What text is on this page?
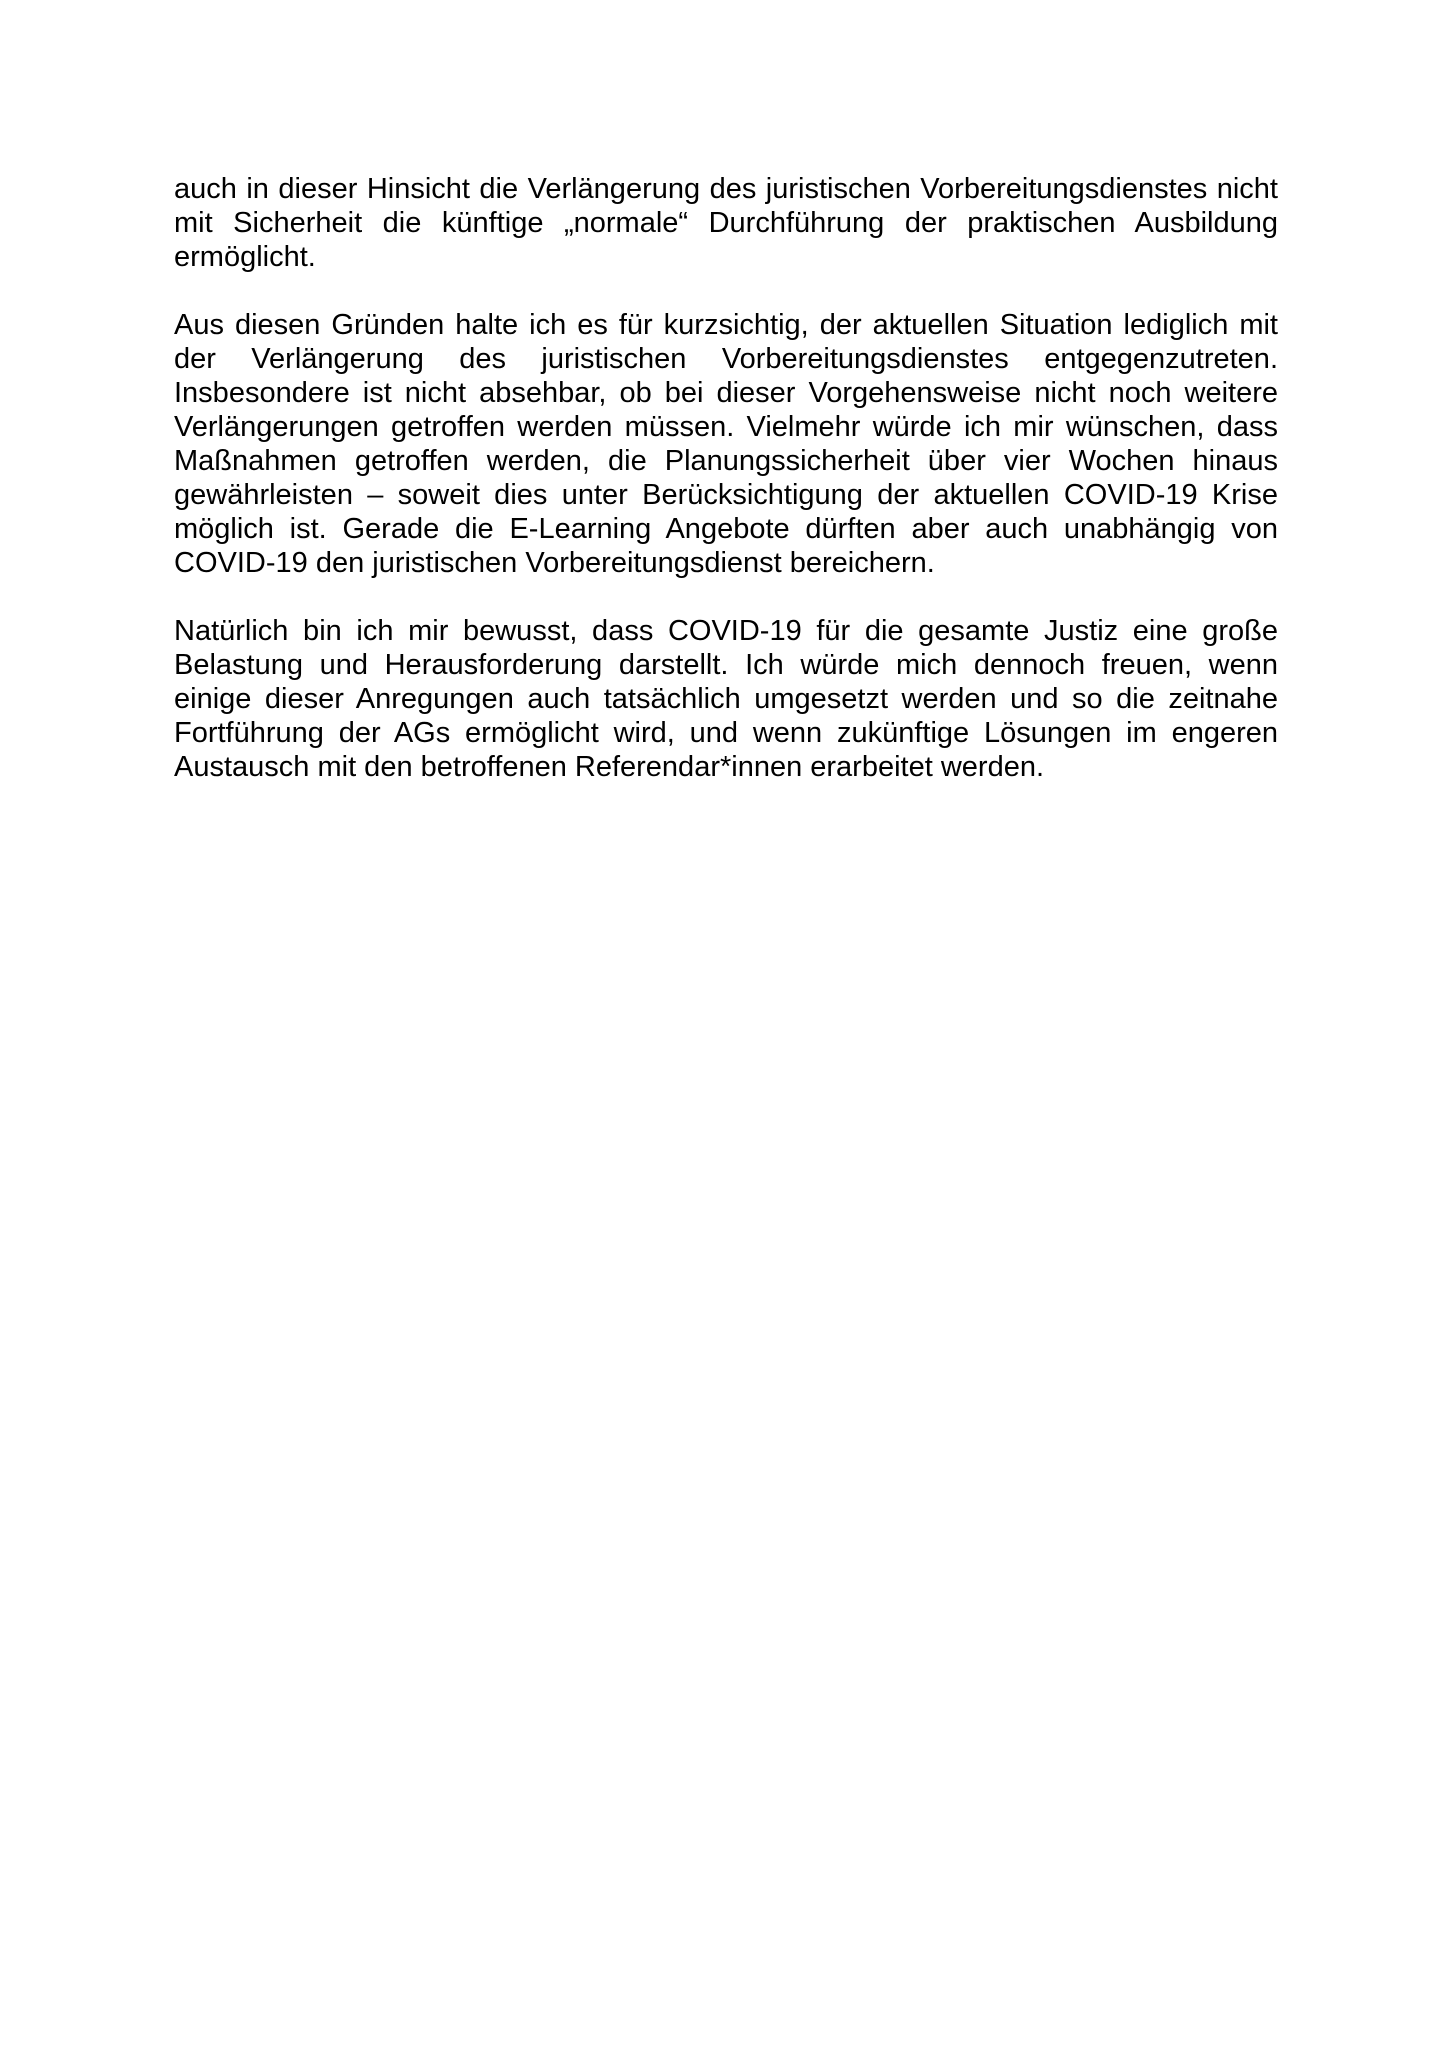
auch in dieser Hinsicht die Verlängerung des juristischen Vorbereitungsdienstes nicht mit Sicherheit die künftige „normale“ Durchführung der praktischen Ausbildung ermöglicht.

Aus diesen Gründen halte ich es für kurzsichtig, der aktuellen Situation lediglich mit der Verlängerung des juristischen Vorbereitungsdienstes entgegenzutreten. Insbesondere ist nicht absehbar, ob bei dieser Vorgehensweise nicht noch weitere Verlängerungen getroffen werden müssen. Vielmehr würde ich mir wünschen, dass Maßnahmen getroffen werden, die Planungssicherheit über vier Wochen hinaus gewährleisten – soweit dies unter Berücksichtigung der aktuellen COVID-19 Krise möglich ist. Gerade die E-Learning Angebote dürften aber auch unabhängig von COVID-19 den juristischen Vorbereitungsdienst bereichern.

Natürlich bin ich mir bewusst, dass COVID-19 für die gesamte Justiz eine große Belastung und Herausforderung darstellt. Ich würde mich dennoch freuen, wenn einige dieser Anregungen auch tatsächlich umgesetzt werden und so die zeitnahe Fortführung der AGs ermöglicht wird, und wenn zukünftige Lösungen im engeren Austausch mit den betroffenen Referendar*innen erarbeitet werden.
